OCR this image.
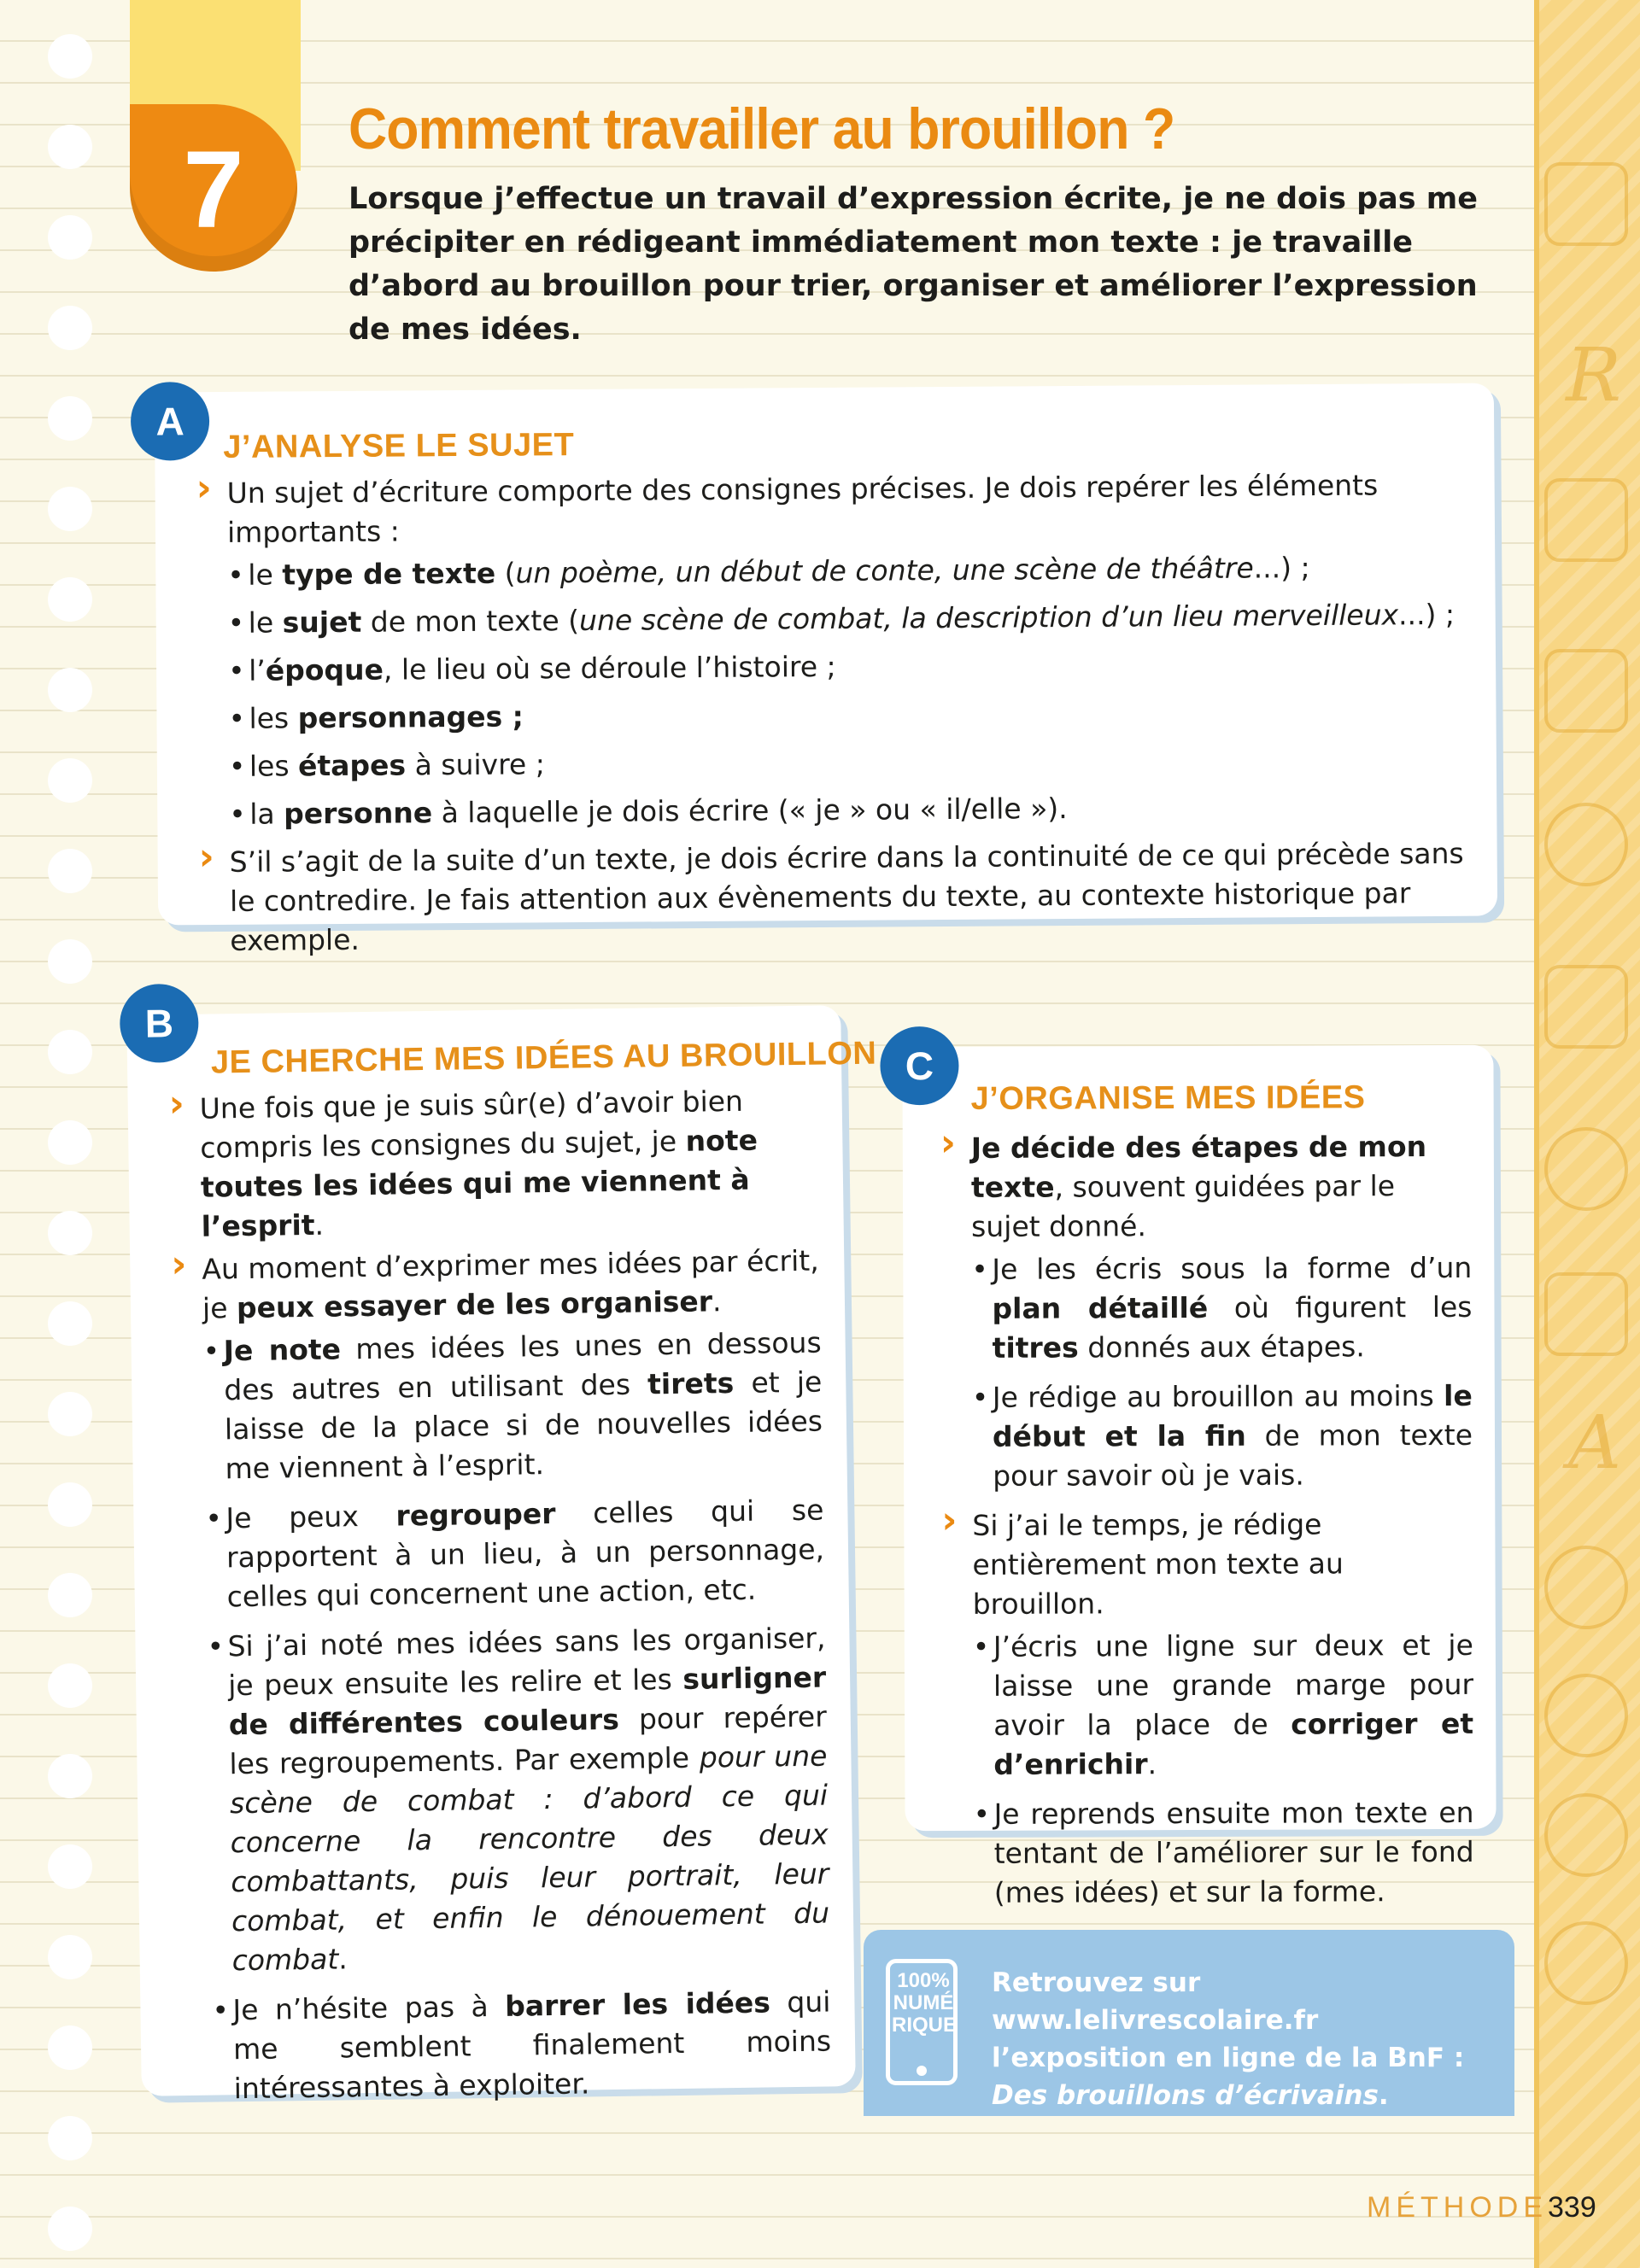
R
A
7 Comment travailler au brouillon ?

Lorsque j’effectue un travail d’expression écrite, je ne dois pas me précipiter en rédigeant immédiatement mon texte : je travaille d’abord au brouillon pour trier, organiser et améliorer l’expression de mes idées.

A
J’ANALYSE LE SUJET

› Un sujet d’écriture comporte des consignes précises. Je dois repérer les éléments importants :

• le type de texte (un poème, un début de conte, une scène de théâtre...) ;

• le sujet de mon texte (une scène de combat, la description d’un lieu merveilleux...) ;

• l’époque, le lieu où se déroule l’histoire ;

• les personnages ;

• les étapes à suivre ;

• la personne à laquelle je dois écrire (« je » ou « il/elle »).

› S’il s’agit de la suite d’un texte, je dois écrire dans la continuité de ce qui précède sans le contredire. Je fais attention aux évènements du texte, au contexte historique par exemple.

B
JE CHERCHE MES IDÉES AU BROUILLON

› Une fois que je suis sûr(e) d’avoir bien compris les consignes du sujet, je note toutes les idées qui me viennent à l’esprit.

› Au moment d’exprimer mes idées par écrit, je peux essayer de les organiser.

• Je note mes idées les unes en dessous des autres en utilisant des tirets et je laisse de la place si de nouvelles idées me viennent à l’esprit.

• Je peux regrouper celles qui se rapportent à un lieu, à un personnage, celles qui concernent une action, etc.

• Si j’ai noté mes idées sans les organiser, je peux ensuite les relire et les surligner de différentes couleurs pour repérer les regroupements. Par exemple pour une scène de combat : d’abord ce qui concerne la rencontre des deux combattants, puis leur portrait, leur combat, et enfin le dénouement du combat.

• Je n’hésite pas à barrer les idées qui me semblent finalement moins intéressantes à exploiter.

C
J’ORGANISE MES IDÉES

› Je décide des étapes de mon texte, souvent guidées par le sujet donné.

• Je les écris sous la forme d’un plan détaillé où figurent les titres donnés aux étapes.

• Je rédige au brouillon au moins le début et la fin de mon texte pour savoir où je vais.

› Si j’ai le temps, je rédige entièrement mon texte au brouillon.

• J’écris une ligne sur deux et je laisse une grande marge pour avoir la place de corriger et d’enrichir.

• Je reprends ensuite mon texte en tentant de l’améliorer sur le fond (mes idées) et sur la forme.

100%
NUMÉ
RIQUE

Retrouvez sur www.lelivrescolaire.fr l’exposition en ligne de la BnF : Des brouillons d’écrivains.

MÉTHODE 339
